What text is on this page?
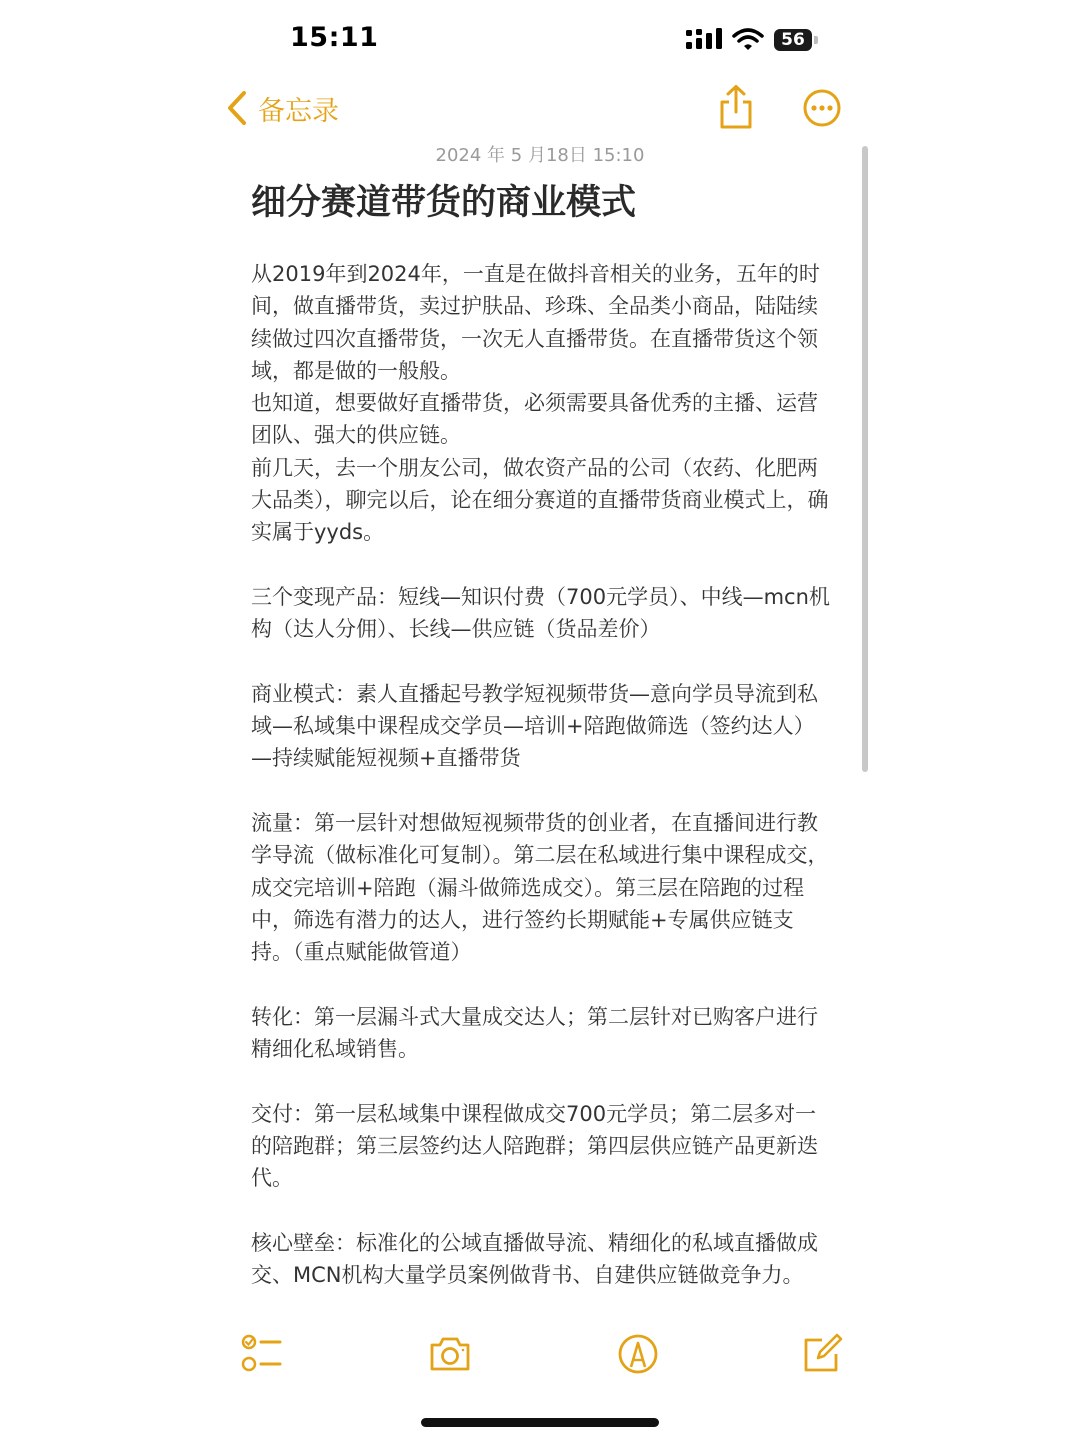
15:11	56
备忘录
2024 年 5 月18日 15:10
细分赛道带货的商业模式

从2019年到2024年，一直是在做抖音相关的业务，五年的时间，做直播带货，卖过护肤品、珍珠、全品类小商品，陆陆续续做过四次直播带货，一次无人直播带货。在直播带货这个领域，都是做的一般般。

也知道，想要做好直播带货，必须需要具备优秀的主播、运营团队、强大的供应链。

前几天，去一个朋友公司，做农资产品的公司（农药、化肥两大品类），聊完以后，论在细分赛道的直播带货商业模式上，确实属于yyds。

三个变现产品：短线—知识付费（700元学员）、中线—mcn机构（达人分佣）、长线—供应链（货品差价）

商业模式：素人直播起号教学短视频带货—意向学员导流到私域—私域集中课程成交学员—培训+陪跑做筛选（签约达人）—持续赋能短视频+直播带货

流量：第一层针对想做短视频带货的创业者，在直播间进行教学导流（做标准化可复制）。第二层在私域进行集中课程成交，成交完培训+陪跑（漏斗做筛选成交）。第三层在陪跑的过程中，筛选有潜力的达人，进行签约长期赋能+专属供应链支持。（重点赋能做管道）

转化：第一层漏斗式大量成交达人；第二层针对已购客户进行精细化私域销售。

交付：第一层私域集中课程做成交700元学员；第二层多对一的陪跑群；第三层签约达人陪跑群；第四层供应链产品更新迭代。

核心壁垒：标准化的公域直播做导流、精细化的私域直播做成交、MCN机构大量学员案例做背书、自建供应链做竞争力。
